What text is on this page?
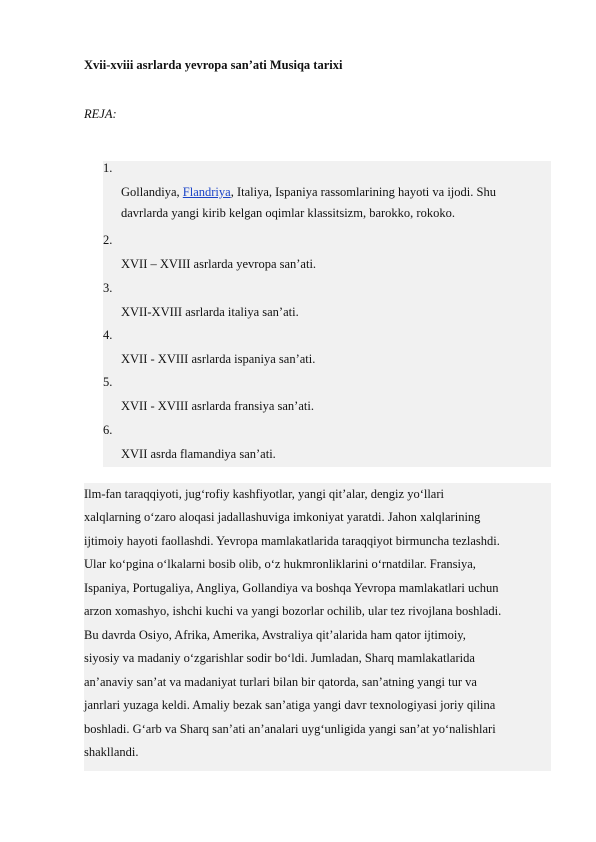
Xvii-xviii asrlarda yevropa san’ati Musiqa tarixi
REJA:
1.
Gollandiya, Flandriya, Italiya, Ispaniya rassomlarining hayoti va ijodi. Shu
davrlarda yangi kirib kelgan oqimlar klassitsizm, barokko, rokoko.
2.
XVII – XVIII asrlarda yevropa san’ati.
3.
XVII-XVIII asrlarda italiya san’ati.
4.
XVII - XVIII asrlarda ispaniya san’ati.
5.
XVII - XVIII asrlarda fransiya san’ati.
6.
XVII asrda flamandiya san’ati.
Ilm-fan taraqqiyoti, jug‘rofiy kashfiyotlar, yangi qit’alar, dengiz yo‘llari
xalqlarning o‘zaro aloqasi jadallashuviga imkoniyat yaratdi. Jahon xalqlarining
ijtimoiy hayoti faollashdi. Yevropa mamlakatlarida taraqqiyot birmuncha tezlashdi.
Ular ko‘pgina o‘lkalarni bosib olib, o‘z hukmronliklarini o‘rnatdilar. Fransiya,
Ispaniya, Portugaliya, Angliya, Gollandiya va boshqa Yevropa mamlakatlari uchun
arzon xomashyo, ishchi kuchi va yangi bozorlar ochilib, ular tez rivojlana boshladi.
Bu davrda Osiyo, Afrika, Amerika, Avstraliya qit’alarida ham qator ijtimoiy,
siyosiy va madaniy o‘zgarishlar sodir bo‘ldi. Jumladan, Sharq mamlakatlarida
an’anaviy san’at va madaniyat turlari bilan bir qatorda, san’atning yangi tur va
janrlari yuzaga keldi. Amaliy bezak san’atiga yangi davr texnologiyasi joriy qilina
boshladi. G‘arb va Sharq san’ati an’analari uyg‘unligida yangi san’at yo‘nalishlari
shakllandi.
